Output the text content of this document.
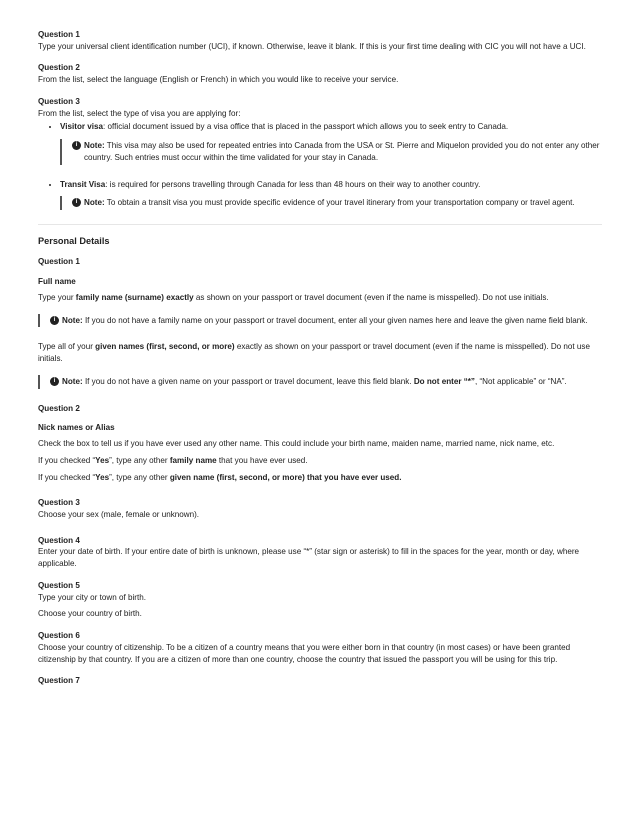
Question 1

Type your universal client identification number (UCI), if known. Otherwise, leave it blank. If this is your first time dealing with CIC you will not have a UCI.

Question 2

From the list, select the language (English or French) in which you would like to receive your service.

Question 3

From the list, select the type of visa you are applying for:

• Visitor visa: official document issued by a visa office that is placed in the passport which allows you to seek entry to Canada.
i Note: This visa may also be used for repeated entries into Canada from the USA or St. Pierre and Miquelon provided you do not enter any other country. Such entries must occur within the time validated for your stay in Canada.
• Transit Visa: is required for persons travelling through Canada for less than 48 hours on their way to another country.
i Note: To obtain a transit visa you must provide specific evidence of your travel itinerary from your transportation company or travel agent.
Personal Details

Question 1

Full name

Type your family name (surname) exactly as shown on your passport or travel document (even if the name is misspelled). Do not use initials.

i Note: If you do not have a family name on your passport or travel document, enter all your given names here and leave the given name field blank.

Type all of your given names (first, second, or more) exactly as shown on your passport or travel document (even if the name is misspelled). Do not use initials.

i Note: If you do not have a given name on your passport or travel document, leave this field blank. Do not enter “*”, “Not applicable” or “NA”.

Question 2

Nick names or Alias

Check the box to tell us if you have ever used any other name. This could include your birth name, maiden name, married name, nick name, etc.

If you checked “Yes”, type any other family name that you have ever used.

If you checked “Yes”, type any other given name (first, second, or more) that you have ever used.

Question 3

Choose your sex (male, female or unknown).

Question 4

Enter your date of birth. If your entire date of birth is unknown, please use “*” (star sign or asterisk) to fill in the spaces for the year, month or day, where applicable.

Question 5

Type your city or town of birth.

Choose your country of birth.

Question 6

Choose your country of citizenship. To be a citizen of a country means that you were either born in that country (in most cases) or have been granted citizenship by that country. If you are a citizen of more than one country, choose the country that issued the passport you will be using for this trip.

Question 7
